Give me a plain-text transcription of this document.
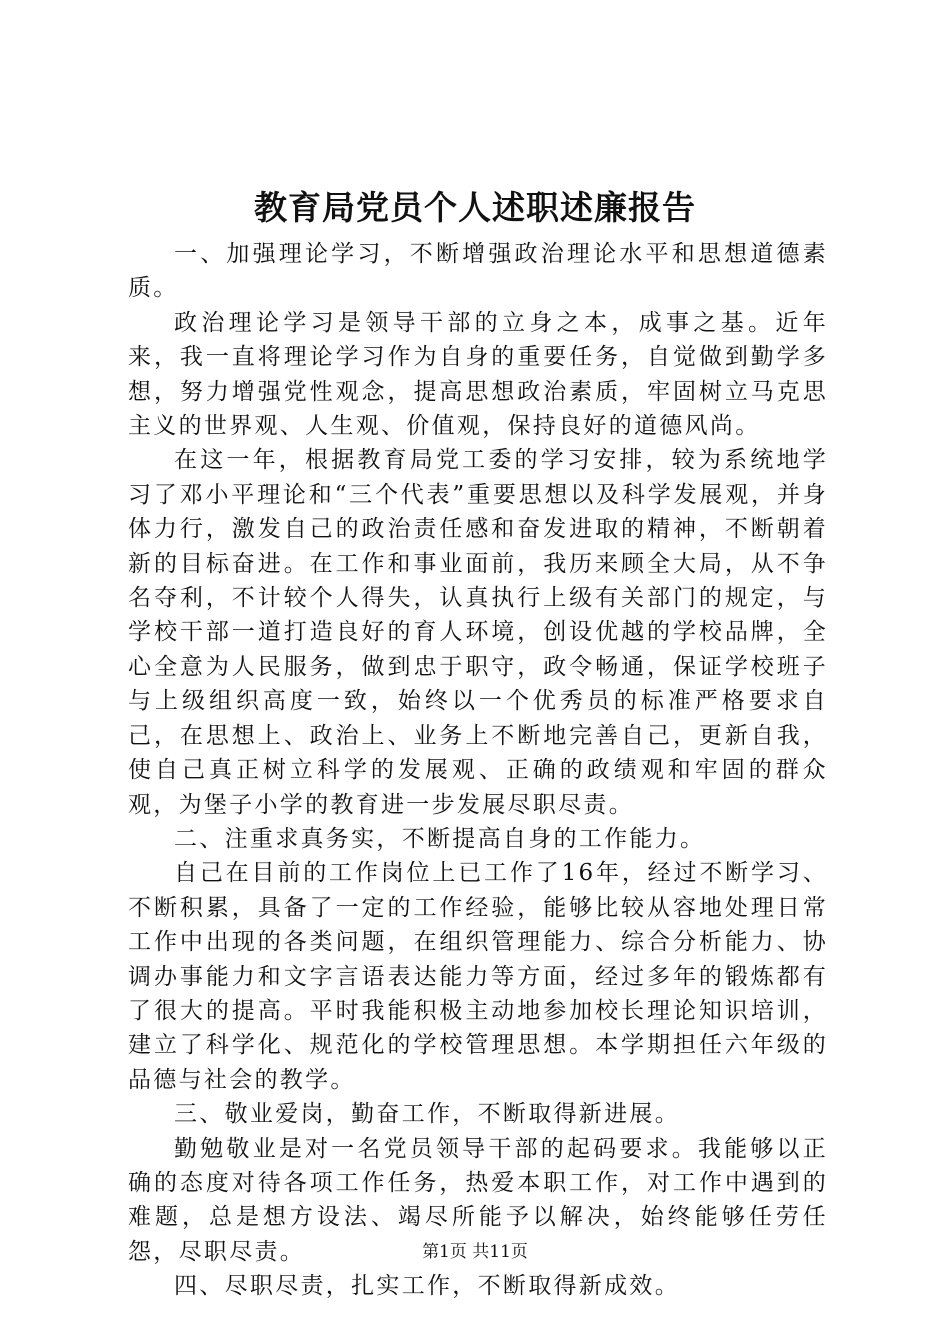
教育局党员个人述职述廉报告

一、加强理论学习，不断增强政治理论水平和思想道德素质。

政治理论学习是领导干部的立身之本，成事之基。近年来，我一直将理论学习作为自身的重要任务，自觉做到勤学多想，努力增强党性观念，提高思想政治素质，牢固树立马克思主义的世界观、人生观、价值观，保持良好的道德风尚。

在这一年，根据教育局党工委的学习安排，较为系统地学习了邓小平理论和“三个代表”重要思想以及科学发展观，并身体力行，激发自己的政治责任感和奋发进取的精神，不断朝着新的目标奋进。在工作和事业面前，我历来顾全大局，从不争名夺利，不计较个人得失，认真执行上级有关部门的规定，与学校干部一道打造良好的育人环境，创设优越的学校品牌，全心全意为人民服务，做到忠于职守，政令畅通，保证学校班子与上级组织高度一致，始终以一个优秀员的标准严格要求自己，在思想上、政治上、业务上不断地完善自己，更新自我，使自己真正树立科学的发展观、正确的政绩观和牢固的群众观，为堡子小学的教育进一步发展尽职尽责。

二、注重求真务实，不断提高自身的工作能力。

自己在目前的工作岗位上已工作了16年，经过不断学习、不断积累，具备了一定的工作经验，能够比较从容地处理日常工作中出现的各类问题，在组织管理能力、综合分析能力、协调办事能力和文字言语表达能力等方面，经过多年的锻炼都有了很大的提高。平时我能积极主动地参加校长理论知识培训，建立了科学化、规范化的学校管理思想。本学期担任六年级的品德与社会的教学。

三、敬业爱岗，勤奋工作，不断取得新进展。

勤勉敬业是对一名党员领导干部的起码要求。我能够以正确的态度对待各项工作任务，热爱本职工作，对工作中遇到的难题，总是想方设法、竭尽所能予以解决，始终能够任劳任怨，尽职尽责。

四、尽职尽责，扎实工作，不断取得新成效。

第1页 共11页
